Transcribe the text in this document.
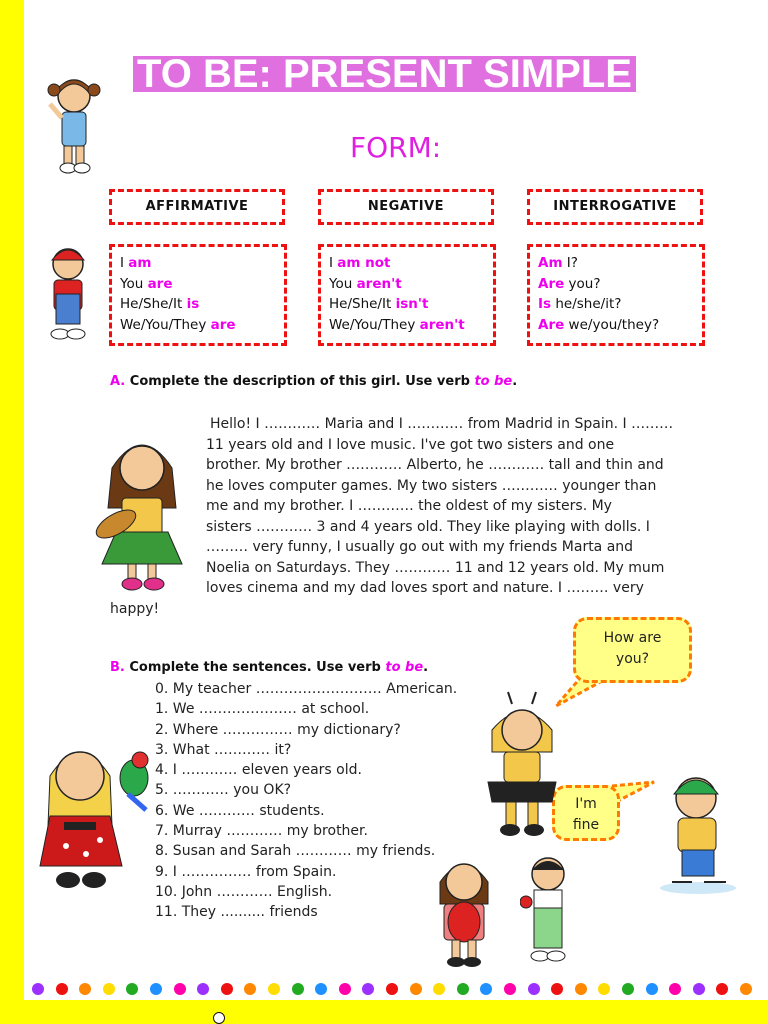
TO BE: PRESENT SIMPLE
FORM:
AFFIRMATIVE	NEGATIVE	INTERROGATIVE
I am
You are
He/She/It is
We/You/They are
I am not
You aren't
He/She/It isn't
We/You/They aren't
Am I?
Are you?
Is he/she/it?
Are we/you/they?
A. Complete the description of this girl. Use verb to be.
Hello! I ………… Maria and I ………… from Madrid in Spain. I ………
11 years old and I love music. I've got two sisters and one
brother. My brother ………… Alberto, he ………… tall and thin and
he loves computer games. My two sisters ………… younger than
me and my brother. I ………… the oldest of my sisters. My
sisters ………… 3 and 4 years old. They like playing with dolls. I
……… very funny, I usually go out with my friends Marta and
Noelia on Saturdays. They ………… 11 and 12 years old. My mum
loves cinema and my dad loves sport and nature. I ……… very
happy!
B. Complete the sentences. Use verb to be.
0. My teacher ……………………… American.
1. We ………………… at school.
2. Where …………… my dictionary?
3. What ………… it?
4. I ………… eleven years old.
5. ………… you OK?
6. We ………… students.
7. Murray ………… my brother.
8. Susan and Sarah ………… my friends.
9. I …………… from Spain.
10. John ………… English.
11. They .......... friends
How are
you?
I'm
fine
